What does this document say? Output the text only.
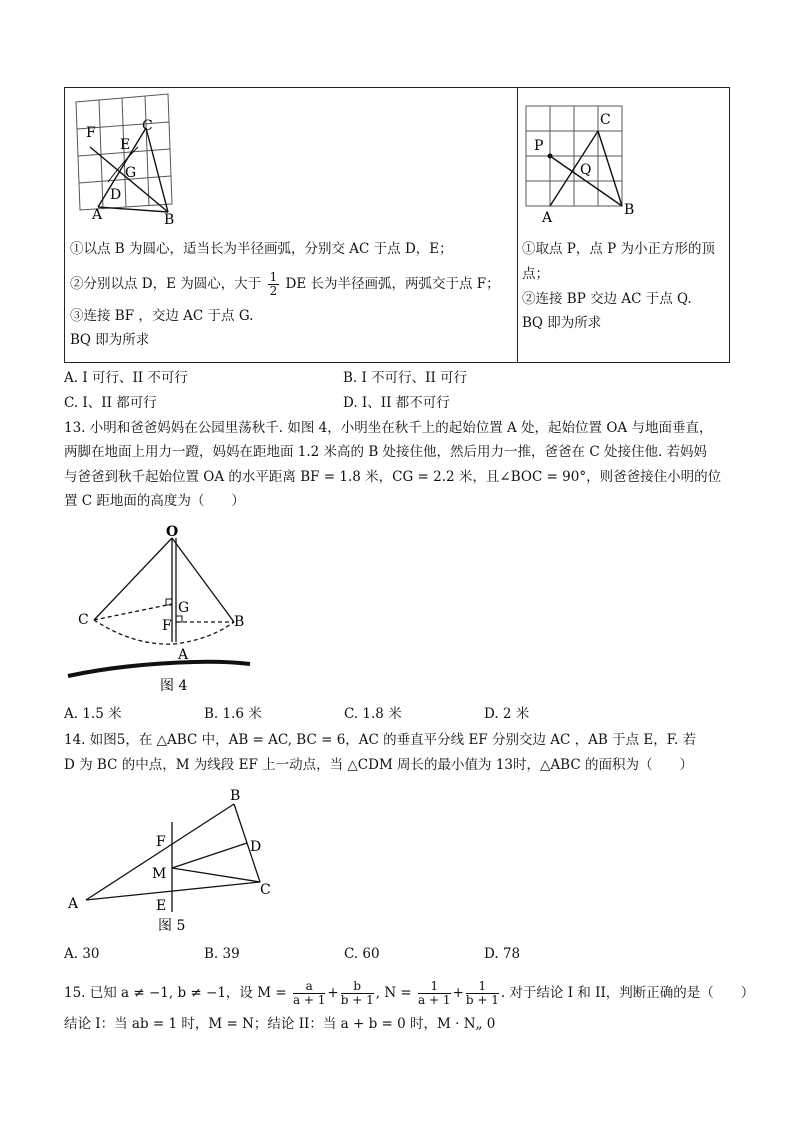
F	C
E
G
D
A	B
①以点 B 为圆心，适当长为半径画弧，分别交 AC 于点 D，E；
②分别以点 D，E 为圆心，大于 $\frac{1}{2}$ DE 长为半径画弧，两弧交于点 F；
③连接 BF ，交边 AC 于点 G.
BQ 即为所求
C
P
Q
A	B
①取点 P，点 P 为小正方形的顶
点；
②连接 BP 交边 AC 于点 Q.
BQ 即为所求
A. I 可行、II 不可行	B. I 不可行、II 可行
C. I、II 都可行	D. I、II 都不可行
13. 小明和爸爸妈妈在公园里荡秋千. 如图 4，小明坐在秋千上的起始位置 A 处，起始位置 OA 与地面垂直，
两脚在地面上用力一蹬，妈妈在距地面 1.2 米高的 B 处接住他，然后用力一推，爸爸在 C 处接住他. 若妈妈
与爸爸到秋千起始位置 OA 的水平距离 BF = 1.8 米，CG = 2.2 米，且∠BOC = 90°，则爸爸接住小明的位
置 C 距地面的高度为（　　）
O
C
G
F	B
A
图 4
A. 1.5 米	B. 1.6 米	C. 1.8 米	D. 2 米
14. 如图5，在 △ABC 中，AB = AC, BC = 6，AC 的垂直平分线 EF 分别交边 AC ，AB 于点 E，F. 若
D 为 BC 的中点，M 为线段 EF 上一动点，当 △CDM 周长的最小值为 13时，△ABC 的面积为（　　）
B
F	D
M
C
A	E
图 5
A. 30	B. 39	C. 60	D. 78
15. 已知 a ≠ −1, b ≠ −1，设 $M = \frac{a}{a + 1} + \frac{b}{b + 1}$ , $N = \frac{1}{a + 1} + \frac{1}{b + 1}$ . 对于结论 I 和 II，判断正确的是（　　）
结论 I：当 ab = 1 时，M = N；结论 II：当 a + b = 0 时，M · N„ 0
